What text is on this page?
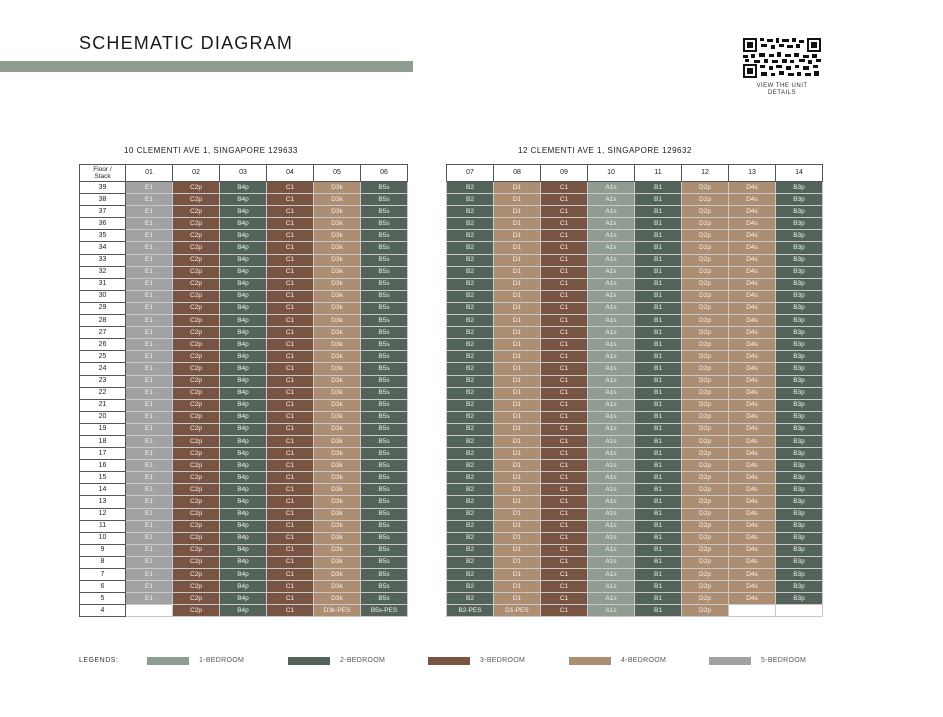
SCHEMATIC DIAGRAM
VIEW THE UNIT
DETAILS
10 CLEMENTI AVE 1, SINGAPORE 129633	12 CLEMENTI AVE 1, SINGAPORE 129632
Floor /
Stack	01	02	03	04	05	06
39	E1	C2p	B4p	C1	D3k	B5s
38	E1	C2p	B4p	C1	D3k	B5s
37	E1	C2p	B4p	C1	D3k	B5s
36	E1	C2p	B4p	C1	D3k	B5s
35	E1	C2p	B4p	C1	D3k	B5s
34	E1	C2p	B4p	C1	D3k	B5s
33	E1	C2p	B4p	C1	D3k	B5s
32	E1	C2p	B4p	C1	D3k	B5s
31	E1	C2p	B4p	C1	D3k	B5s
30	E1	C2p	B4p	C1	D3k	B5s
29	E1	C2p	B4p	C1	D3k	B5s
28	E1	C2p	B4p	C1	D3k	B5s
27	E1	C2p	B4p	C1	D3k	B5s
26	E1	C2p	B4p	C1	D3k	B5s
25	E1	C2p	B4p	C1	D3k	B5s
24	E1	C2p	B4p	C1	D3k	B5s
23	E1	C2p	B4p	C1	D3k	B5s
22	E1	C2p	B4p	C1	D3k	B5s
21	E1	C2p	B4p	C1	D3k	B5s
20	E1	C2p	B4p	C1	D3k	B5s
19	E1	C2p	B4p	C1	D3k	B5s
18	E1	C2p	B4p	C1	D3k	B5s
17	E1	C2p	B4p	C1	D3k	B5s
16	E1	C2p	B4p	C1	D3k	B5s
15	E1	C2p	B4p	C1	D3k	B5s
14	E1	C2p	B4p	C1	D3k	B5s
13	E1	C2p	B4p	C1	D3k	B5s
12	E1	C2p	B4p	C1	D3k	B5s
11	E1	C2p	B4p	C1	D3k	B5s
10	E1	C2p	B4p	C1	D3k	B5s
9	E1	C2p	B4p	C1	D3k	B5s
8	E1	C2p	B4p	C1	D3k	B5s
7	E1	C2p	B4p	C1	D3k	B5s
6	E1	C2p	B4p	C1	D3k	B5s
5	E1	C2p	B4p	C1	D3k	B5s
4		C2p	B4p	C1	D3k-PES	B5s-PES
07	08	09	10	11	12	13	14
B2	D1	C1	A1s	B1	D2p	D4s	B3p
B2	D1	C1	A1s	B1	D2p	D4s	B3p
B2	D1	C1	A1s	B1	D2p	D4s	B3p
B2	D1	C1	A1s	B1	D2p	D4s	B3p
B2	D1	C1	A1s	B1	D2p	D4s	B3p
B2	D1	C1	A1s	B1	D2p	D4s	B3p
B2	D1	C1	A1s	B1	D2p	D4s	B3p
B2	D1	C1	A1s	B1	D2p	D4s	B3p
B2	D1	C1	A1s	B1	D2p	D4s	B3p
B2	D1	C1	A1s	B1	D2p	D4s	B3p
B2	D1	C1	A1s	B1	D2p	D4s	B3p
B2	D1	C1	A1s	B1	D2p	D4s	B3p
B2	D1	C1	A1s	B1	D2p	D4s	B3p
B2	D1	C1	A1s	B1	D2p	D4s	B3p
B2	D1	C1	A1s	B1	D2p	D4s	B3p
B2	D1	C1	A1s	B1	D2p	D4s	B3p
B2	D1	C1	A1s	B1	D2p	D4s	B3p
B2	D1	C1	A1s	B1	D2p	D4s	B3p
B2	D1	C1	A1s	B1	D2p	D4s	B3p
B2	D1	C1	A1s	B1	D2p	D4s	B3p
B2	D1	C1	A1s	B1	D2p	D4s	B3p
B2	D1	C1	A1s	B1	D2p	D4s	B3p
B2	D1	C1	A1s	B1	D2p	D4s	B3p
B2	D1	C1	A1s	B1	D2p	D4s	B3p
B2	D1	C1	A1s	B1	D2p	D4s	B3p
B2	D1	C1	A1s	B1	D2p	D4s	B3p
B2	D1	C1	A1s	B1	D2p	D4s	B3p
B2	D1	C1	A1s	B1	D2p	D4s	B3p
B2	D1	C1	A1s	B1	D2p	D4s	B3p
B2	D1	C1	A1s	B1	D2p	D4s	B3p
B2	D1	C1	A1s	B1	D2p	D4s	B3p
B2	D1	C1	A1s	B1	D2p	D4s	B3p
B2	D1	C1	A1s	B1	D2p	D4s	B3p
B2	D1	C1	A1s	B1	D2p	D4s	B3p
B2	D1	C1	A1s	B1	D2p	D4s	B3p
B2-PES	D1-PES	C1	A1s	B1	D2p		
LEGENDS:	1-BEDROOM	2-BEDROOM	3-BEDROOM	4-BEDROOM	5-BEDROOM
